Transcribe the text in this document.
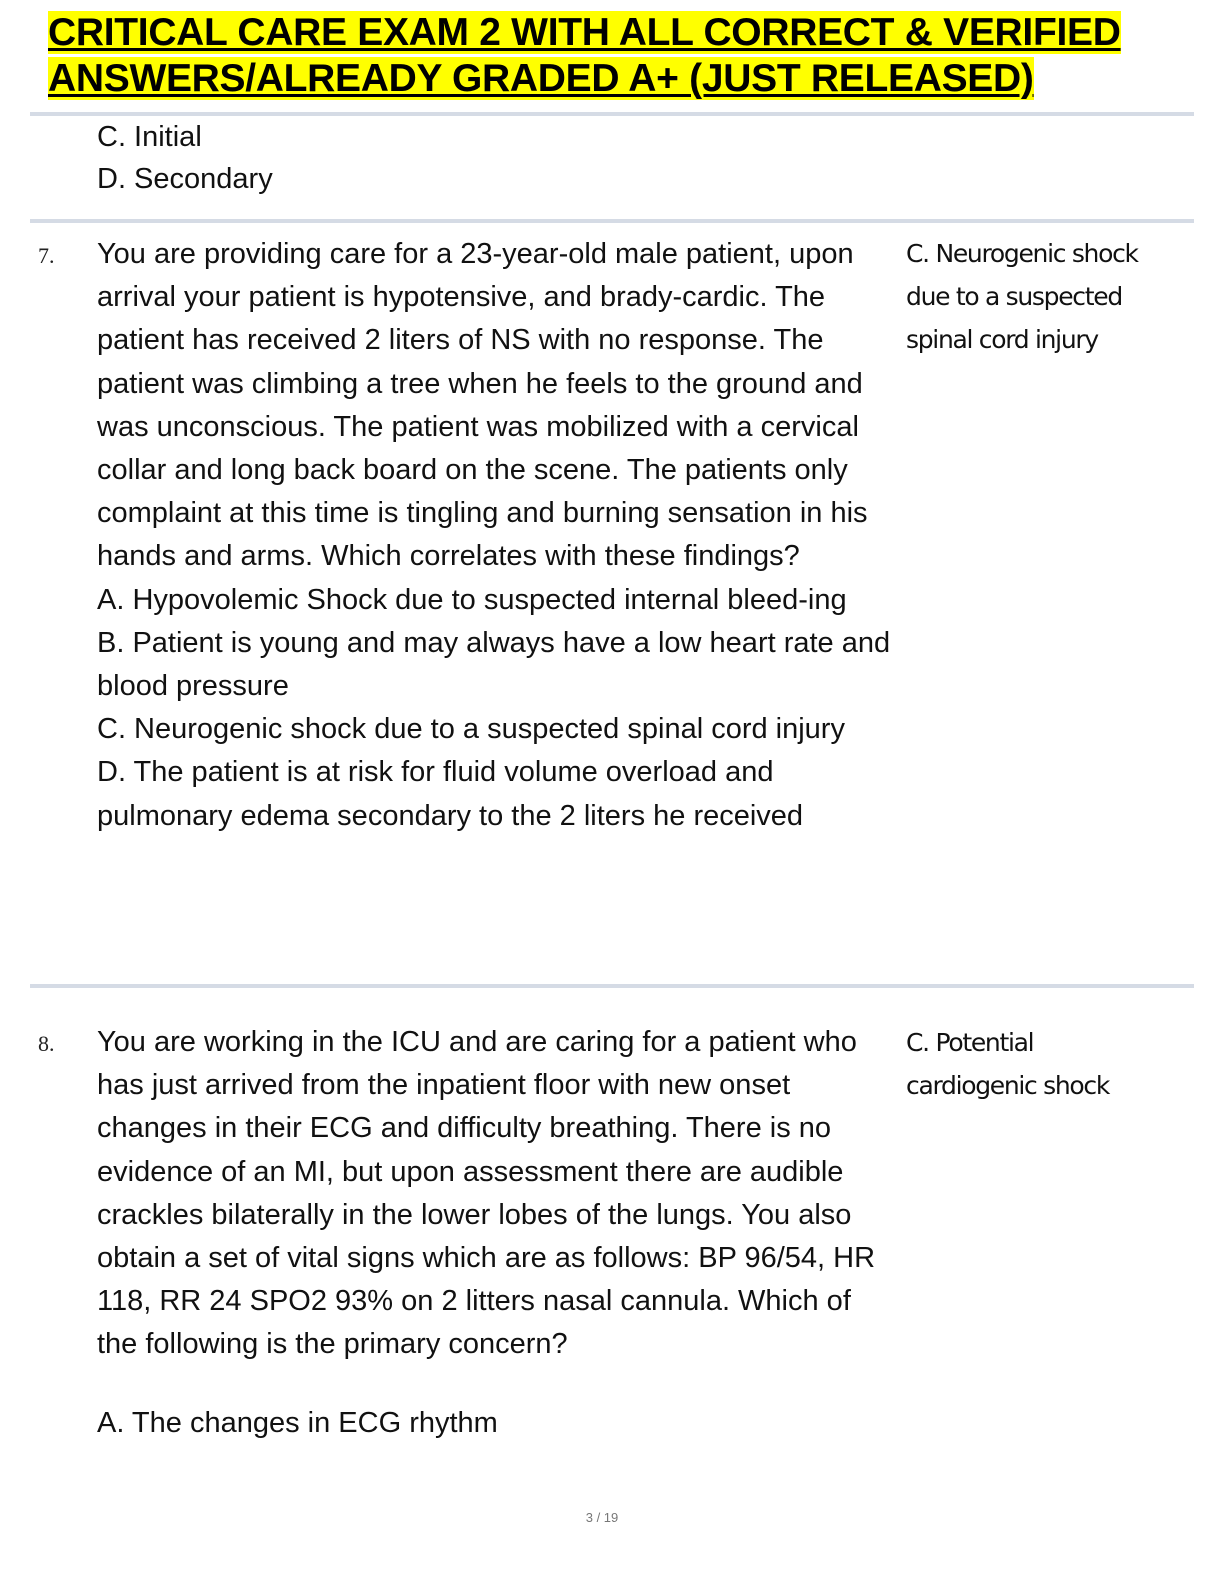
CRITICAL CARE EXAM 2 WITH ALL CORRECT & VERIFIED
ANSWERS/ALREADY GRADED A+ (JUST RELEASED)
C. Initial
D. Secondary
7. You are providing care for a 23-year-old male patient, upon arrival your patient is hypotensive, and brady-cardic. The patient has received 2 liters of NS with no response. The patient was climbing a tree when he feels to the ground and was unconscious. The patient was mobilized with a cervical collar and long back board on the scene. The patients only complaint at this time is tingling and burning sensation in his hands and arms. Which correlates with these findings?

A. Hypovolemic Shock due to suspected internal bleed-ing

B. Patient is young and may always have a low heart rate and blood pressure

C. Neurogenic shock due to a suspected spinal cord injury

D. The patient is at risk for fluid volume overload and pulmonary edema secondary to the 2 liters he received

C. Neurogenic shock due to a suspected spinal cord injury
8. You are working in the ICU and are caring for a patient who has just arrived from the inpatient floor with new onset changes in their ECG and difficulty breathing. There is no evidence of an MI, but upon assessment there are audible crackles bilaterally in the lower lobes of the lungs. You also obtain a set of vital signs which are as follows: BP 96/54, HR 118, RR 24 SPO2 93% on 2 litters nasal cannula. Which of the following is the primary concern?

A. The changes in ECG rhythm

C. Potential cardiogenic shock
3 / 19
